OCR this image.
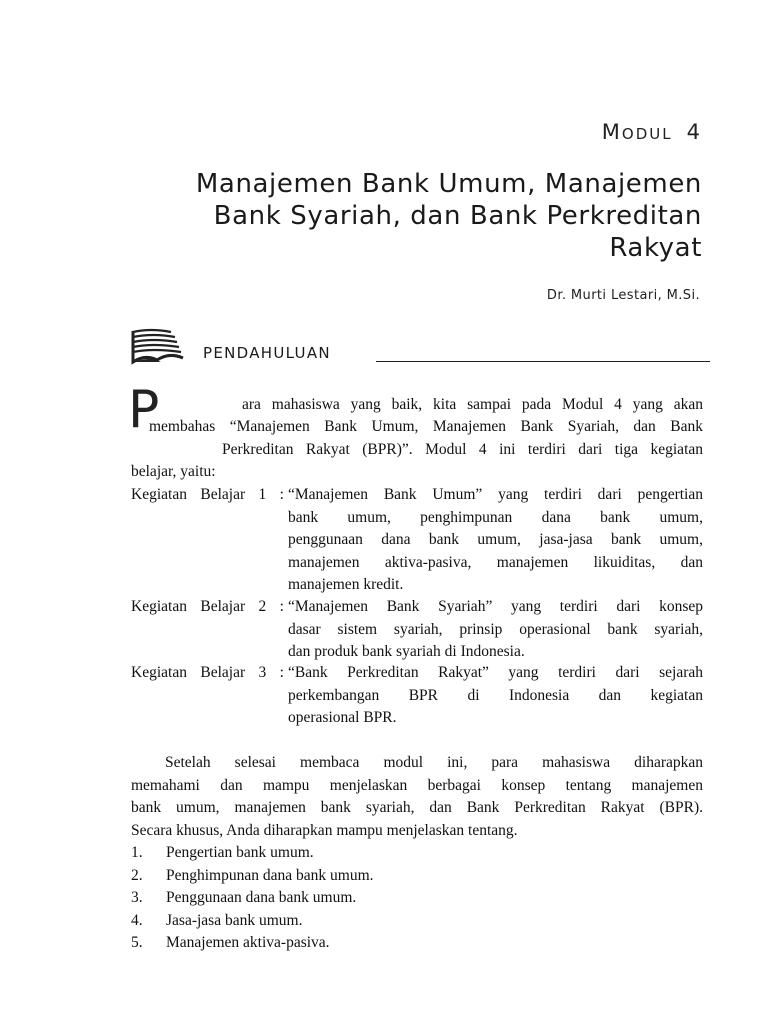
MODUL 4
Manajemen Bank Umum, Manajemen
Bank Syariah, dan Bank Perkreditan
Rakyat
Dr. Murti Lestari, M.Si.
PENDAHULUAN
P	ara mahasiswa yang baik, kita sampai pada Modul 4 yang akan
membahas “Manajemen Bank Umum, Manajemen Bank Syariah, dan Bank
Perkreditan Rakyat (BPR)”. Modul 4 ini terdiri dari tiga kegiatan
belajar, yaitu:
Kegiatan Belajar 1 : “Manajemen Bank Umum” yang terdiri dari pengertian
bank umum, penghimpunan dana bank umum,
penggunaan dana bank umum, jasa-jasa bank umum,
manajemen aktiva-pasiva, manajemen likuiditas, dan
manajemen kredit.
Kegiatan Belajar 2 : “Manajemen Bank Syariah” yang terdiri dari konsep
dasar sistem syariah, prinsip operasional bank syariah,
dan produk bank syariah di Indonesia.
Kegiatan Belajar 3 : “Bank Perkreditan Rakyat” yang terdiri dari sejarah
perkembangan BPR di Indonesia dan kegiatan
operasional BPR.
Setelah selesai membaca modul ini, para mahasiswa diharapkan
memahami dan mampu menjelaskan berbagai konsep tentang manajemen
bank umum, manajemen bank syariah, dan Bank Perkreditan Rakyat (BPR).
Secara khusus, Anda diharapkan mampu menjelaskan tentang.
1. Pengertian bank umum.
2. Penghimpunan dana bank umum.
3. Penggunaan dana bank umum.
4. Jasa-jasa bank umum.
5. Manajemen aktiva-pasiva.
